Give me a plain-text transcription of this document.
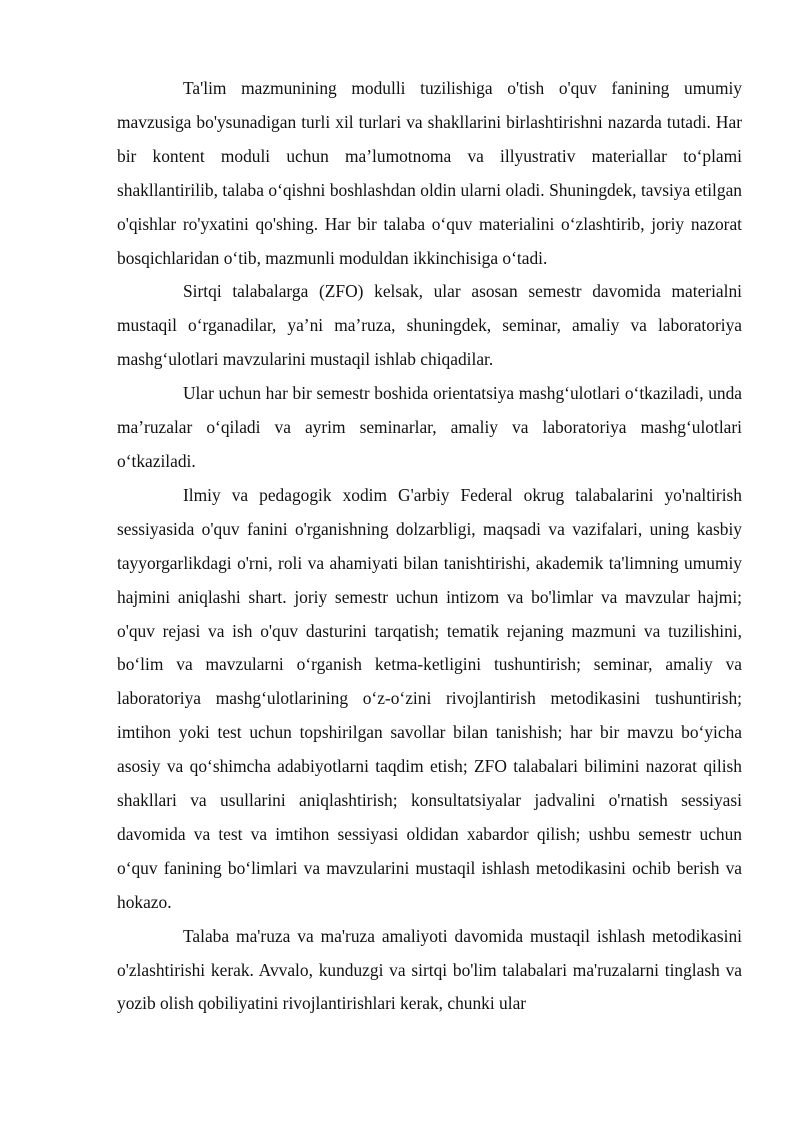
Ta'lim mazmunining modulli tuzilishiga o'tish o'quv fanining umumiy mavzusiga bo'ysunadigan turli xil turlari va shakllarini birlashtirishni nazarda tutadi. Har bir kontent moduli uchun ma’lumotnoma va illyustrativ materiallar to‘plami shakllantirilib, talaba o‘qishni boshlashdan oldin ularni oladi. Shuningdek, tavsiya etilgan o'qishlar ro'yxatini qo'shing. Har bir talaba o‘quv materialini o‘zlashtirib, joriy nazorat bosqichlaridan o‘tib, mazmunli moduldan ikkinchisiga o‘tadi.

Sirtqi talabalarga (ZFO) kelsak, ular asosan semestr davomida materialni mustaqil o‘rganadilar, ya’ni ma’ruza, shuningdek, seminar, amaliy va laboratoriya mashg‘ulotlari mavzularini mustaqil ishlab chiqadilar.

Ular uchun har bir semestr boshida orientatsiya mashg‘ulotlari o‘tkaziladi, unda ma’ruzalar o‘qiladi va ayrim seminarlar, amaliy va laboratoriya mashg‘ulotlari o‘tkaziladi.

Ilmiy va pedagogik xodim G'arbiy Federal okrug talabalarini yo'naltirish sessiyasida o'quv fanini o'rganishning dolzarbligi, maqsadi va vazifalari, uning kasbiy tayyorgarlikdagi o'rni, roli va ahamiyati bilan tanishtirishi, akademik ta'limning umumiy hajmini aniqlashi shart. joriy semestr uchun intizom va bo'limlar va mavzular hajmi; o'quv rejasi va ish o'quv dasturini tarqatish; tematik rejaning mazmuni va tuzilishini, bo‘lim va mavzularni o‘rganish ketma-ketligini tushuntirish; seminar, amaliy va laboratoriya mashg‘ulotlarining o‘z-o‘zini rivojlantirish metodikasini tushuntirish; imtihon yoki test uchun topshirilgan savollar bilan tanishish; har bir mavzu bo‘yicha asosiy va qo‘shimcha adabiyotlarni taqdim etish; ZFO talabalari bilimini nazorat qilish shakllari va usullarini aniqlashtirish; konsultatsiyalar jadvalini o'rnatish sessiyasi davomida va test va imtihon sessiyasi oldidan xabardor qilish; ushbu semestr uchun o‘quv fanining bo‘limlari va mavzularini mustaqil ishlash metodikasini ochib berish va hokazo.

Talaba ma'ruza va ma'ruza amaliyoti davomida mustaqil ishlash metodikasini o'zlashtirishi kerak. Avvalo, kunduzgi va sirtqi bo'lim talabalari ma'ruzalarni tinglash va yozib olish qobiliyatini rivojlantirishlari kerak, chunki ular
